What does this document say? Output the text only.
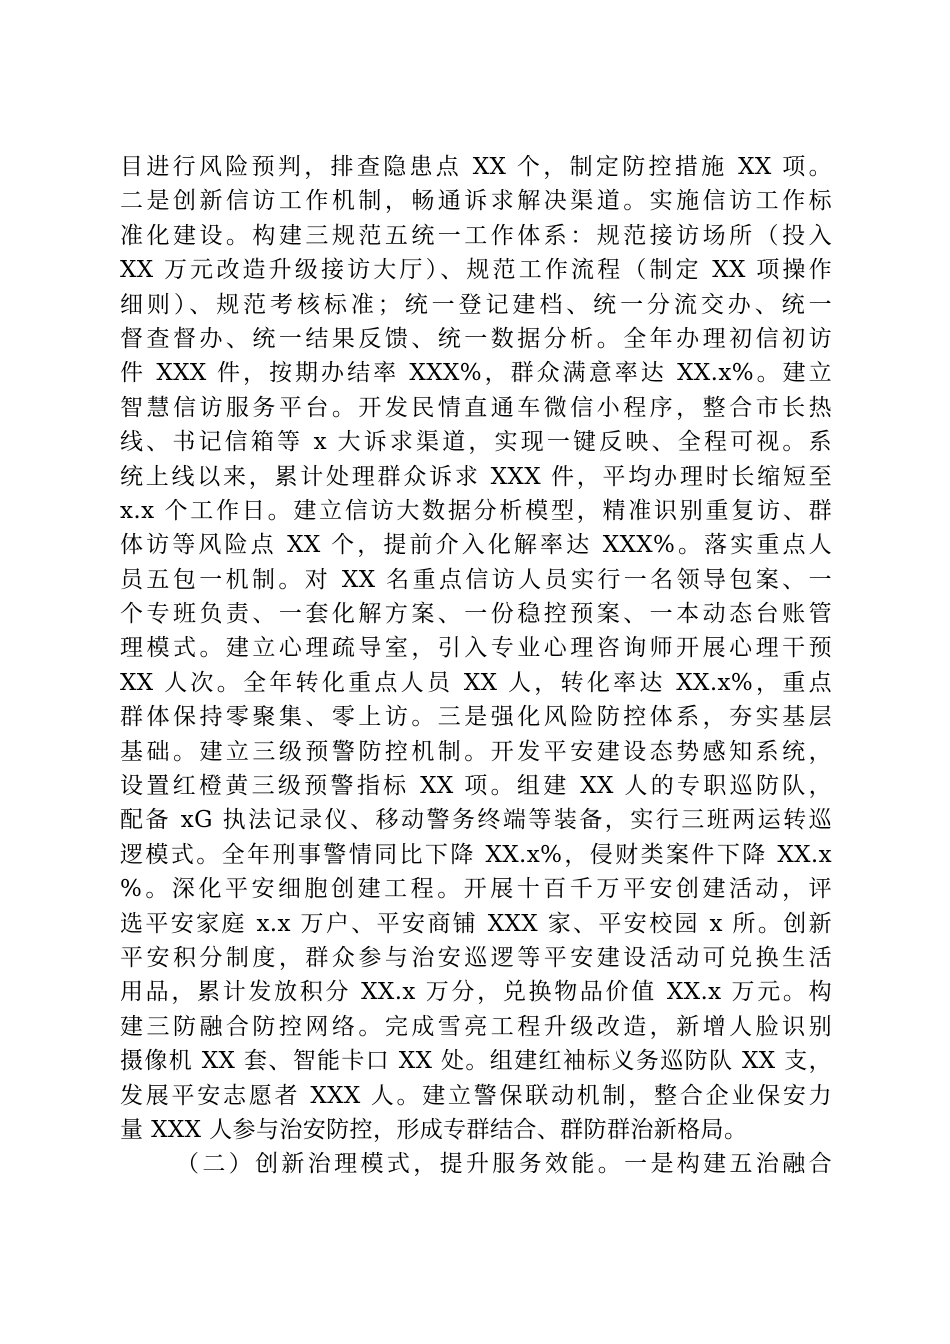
目进行风险预判，排查隐患点 XX 个，制定防控措施 XX 项。
二是创新信访工作机制，畅通诉求解决渠道。实施信访工作标
准化建设。构建三规范五统一工作体系：规范接访场所（投入
XX 万元改造升级接访大厅）、规范工作流程（制定 XX 项操作
细则）、规范考核标准；统一登记建档、统一分流交办、统一
督查督办、统一结果反馈、统一数据分析。全年办理初信初访
件 XXX 件，按期办结率 XXX%，群众满意率达 XX.x%。建立
智慧信访服务平台。开发民情直通车微信小程序，整合市长热
线、书记信箱等 x 大诉求渠道，实现一键反映、全程可视。系
统上线以来，累计处理群众诉求 XXX 件，平均办理时长缩短至
x.x 个工作日。建立信访大数据分析模型，精准识别重复访、群
体访等风险点 XX 个，提前介入化解率达 XXX%。落实重点人
员五包一机制。对 XX 名重点信访人员实行一名领导包案、一
个专班负责、一套化解方案、一份稳控预案、一本动态台账管
理模式。建立心理疏导室，引入专业心理咨询师开展心理干预
XX 人次。全年转化重点人员 XX 人，转化率达 XX.x%，重点
群体保持零聚集、零上访。三是强化风险防控体系，夯实基层
基础。建立三级预警防控机制。开发平安建设态势感知系统，
设置红橙黄三级预警指标 XX 项。组建 XX 人的专职巡防队，
配备 xG 执法记录仪、移动警务终端等装备，实行三班两运转巡
逻模式。全年刑事警情同比下降 XX.x%，侵财类案件下降 XX.x
%。深化平安细胞创建工程。开展十百千万平安创建活动，评
选平安家庭 x.x 万户、平安商铺 XXX 家、平安校园 x 所。创新
平安积分制度，群众参与治安巡逻等平安建设活动可兑换生活
用品，累计发放积分 XX.x 万分，兑换物品价值 XX.x 万元。构
建三防融合防控网络。完成雪亮工程升级改造，新增人脸识别
摄像机 XX 套、智能卡口 XX 处。组建红袖标义务巡防队 XX 支，
发展平安志愿者 XXX 人。建立警保联动机制，整合企业保安力
量 XXX 人参与治安防控，形成专群结合、群防群治新格局。
（二）创新治理模式，提升服务效能。一是构建五治融合
